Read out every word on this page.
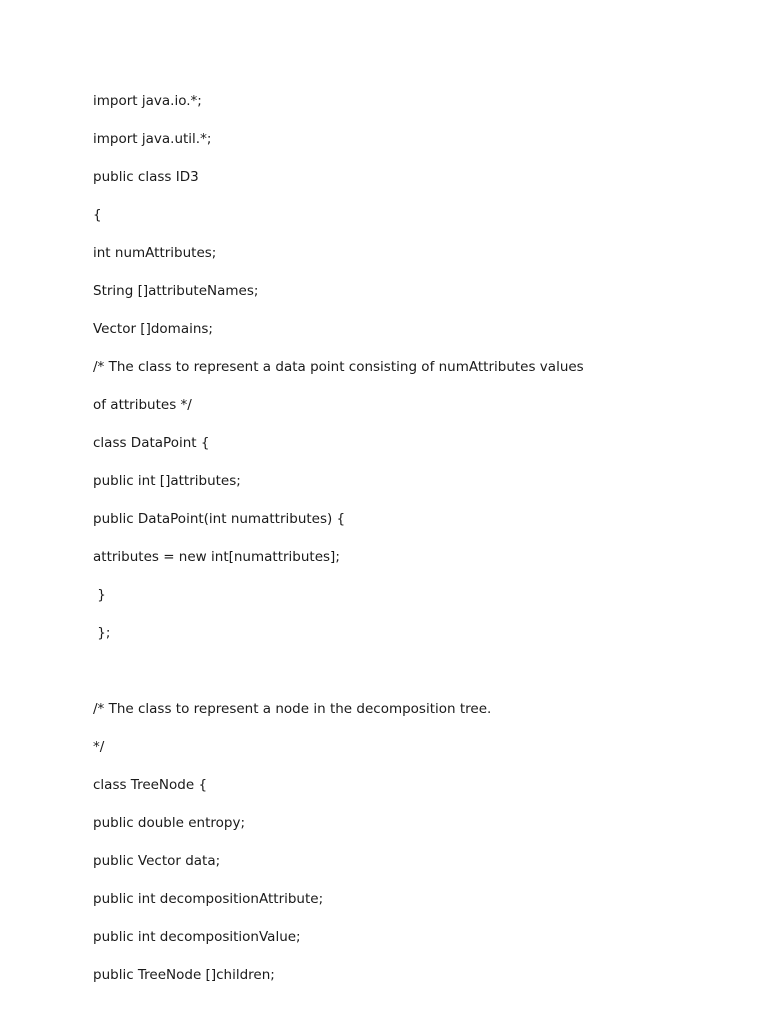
import java.io.*;
import java.util.*;
public class ID3
{
int numAttributes;
String []attributeNames;
Vector []domains;
/* The class to represent a data point consisting of numAttributes values
of attributes */
class DataPoint {
public int []attributes;
public DataPoint(int numattributes) {
attributes = new int[numattributes];
}
};
/* The class to represent a node in the decomposition tree.
*/
class TreeNode {
public double entropy;
public Vector data;
public int decompositionAttribute;
public int decompositionValue;
public TreeNode []children;
